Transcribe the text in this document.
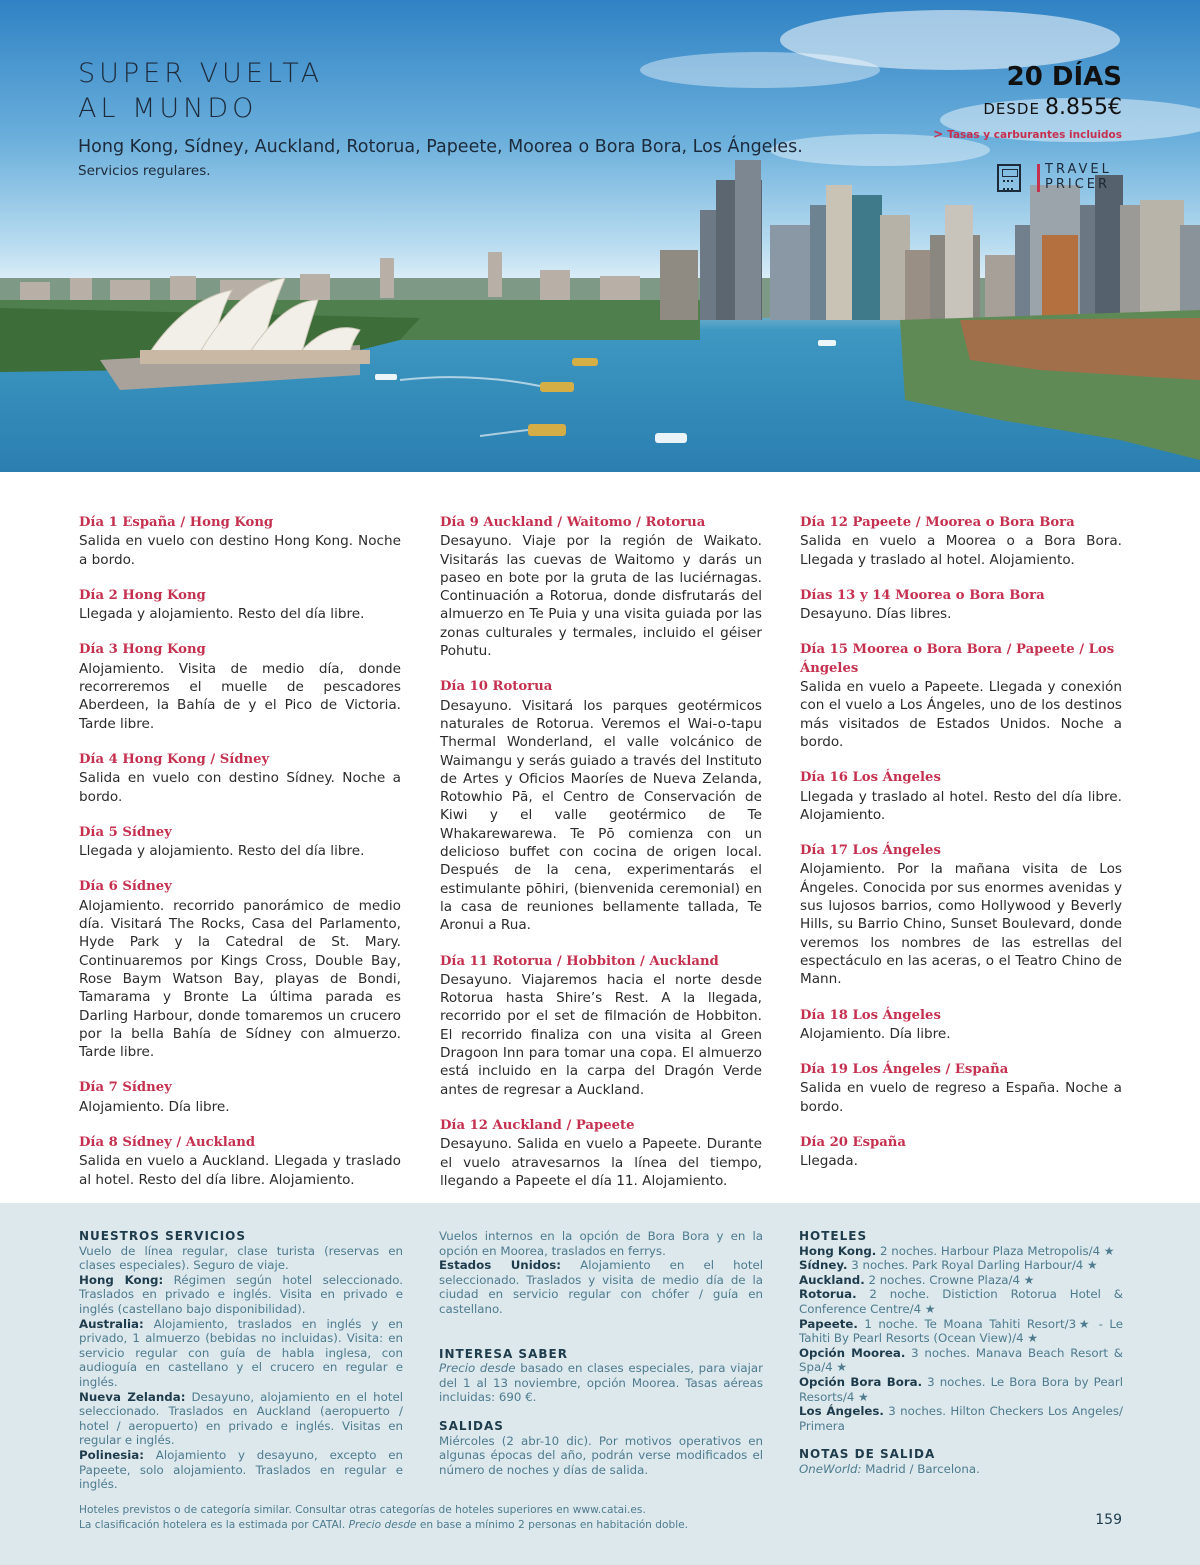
SUPER VUELTA
AL MUNDO

Hong Kong, Sídney, Auckland, Rotorua, Papeete, Moorea o Bora Bora, Los Ángeles.

Servicios regulares.

20 DÍAS
DESDE 8.855€
> Tasas y carburantes incluidos
TRAVEL
PRICER
Día 1 España / Hong Kong

Salida en vuelo con destino Hong Kong. Noche a bordo.

Día 2 Hong Kong

Llegada y alojamiento. Resto del día libre.

Día 3 Hong Kong

Alojamiento. Visita de medio día, donde recorreremos el muelle de pescadores Aberdeen, la Bahía de y el Pico de Victoria. Tarde libre.

Día 4 Hong Kong / Sídney

Salida en vuelo con destino Sídney. Noche a bordo.

Día 5 Sídney

Llegada y alojamiento. Resto del día libre.

Día 6 Sídney

Alojamiento. recorrido panorámico de medio día. Visitará The Rocks, Casa del Parlamento, Hyde Park y la Catedral de St. Mary. Continuaremos por Kings Cross, Double Bay, Rose Baym Watson Bay, playas de Bondi, Tamarama y Bronte La última parada es Darling Harbour, donde tomaremos un crucero por la bella Bahía de Sídney con almuerzo. Tarde libre.

Día 7 Sídney

Alojamiento. Día libre.

Día 8 Sídney / Auckland

Salida en vuelo a Auckland. Llegada y traslado al hotel. Resto del día libre. Alojamiento.

Día 9 Auckland / Waitomo / Rotorua

Desayuno. Viaje por la región de Waikato. Visitarás las cuevas de Waitomo y darás un paseo en bote por la gruta de las luciérnagas. Continuación a Rotorua, donde disfrutarás del almuerzo en Te Puia y una visita guiada por las zonas culturales y termales, incluido el géiser Pohutu.

Día 10 Rotorua

Desayuno. Visitará los parques geotérmicos naturales de Rotorua. Veremos el Wai-o-tapu Thermal Wonderland, el valle volcánico de Waimangu y serás guiado a través del Instituto de Artes y Oficios Maoríes de Nueva Zelanda, Rotowhio Pā, el Centro de Conservación de Kiwi y el valle geotérmico de Te Whakarewarewa. Te Pō comienza con un delicioso buffet con cocina de origen local. Después de la cena, experimentarás el estimulante pōhiri, (bienvenida ceremonial) en la casa de reuniones bellamente tallada, Te Aronui a Rua.

Día 11 Rotorua / Hobbiton / Auckland

Desayuno. Viajaremos hacia el norte desde Rotorua hasta Shire’s Rest. A la llegada, recorrido por el set de filmación de Hobbiton. El recorrido finaliza con una visita al Green Dragoon Inn para tomar una copa. El almuerzo está incluido en la carpa del Dragón Verde antes de regresar a Auckland.

Día 12 Auckland / Papeete

Desayuno. Salida en vuelo a Papeete. Durante el vuelo atravesarnos la línea del tiempo, llegando a Papeete el día 11. Alojamiento.

Día 12 Papeete / Moorea o Bora Bora

Salida en vuelo a Moorea o a Bora Bora. Llegada y traslado al hotel. Alojamiento.

Días 13 y 14 Moorea o Bora Bora

Desayuno. Días libres.

Día 15 Moorea o Bora Bora / Papeete / Los Ángeles

Salida en vuelo a Papeete. Llegada y conexión con el vuelo a Los Ángeles, uno de los destinos más visitados de Estados Unidos. Noche a bordo.

Día 16 Los Ángeles

Llegada y traslado al hotel. Resto del día libre. Alojamiento.

Día 17 Los Ángeles

Alojamiento. Por la mañana visita de Los Ángeles. Conocida por sus enormes avenidas y sus lujosos barrios, como Hollywood y Beverly Hills, su Barrio Chino, Sunset Boulevard, donde veremos los nombres de las estrellas del espectáculo en las aceras, o el Teatro Chino de Mann.

Día 18 Los Ángeles

Alojamiento. Día libre.

Día 19 Los Ángeles / España

Salida en vuelo de regreso a España. Noche a bordo.

Día 20 España

Llegada.

NUESTROS SERVICIOS

Vuelo de línea regular, clase turista (reservas en clases especiales). Seguro de viaje.

Hong Kong: Régimen según hotel seleccionado. Traslados en privado e inglés. Visita en privado e inglés (castellano bajo disponibilidad).

Australia: Alojamiento, traslados en inglés y en privado, 1 almuerzo (bebidas no incluidas). Visita: en servicio regular con guía de habla inglesa, con audioguía en castellano y el crucero en regular e inglés.

Nueva Zelanda: Desayuno, alojamiento en el hotel seleccionado. Traslados en Auckland (aeropuerto / hotel / aeropuerto) en privado e inglés. Visitas en regular e inglés.

Polinesia: Alojamiento y desayuno, excepto en Papeete, solo alojamiento. Traslados en regular e inglés.

Vuelos internos en la opción de Bora Bora y en la opción en Moorea, traslados en ferrys.

Estados Unidos: Alojamiento en el hotel seleccionado. Traslados y visita de medio día de la ciudad en servicio regular con chófer / guía en castellano.

INTERESA SABER

Precio desde basado en clases especiales, para viajar del 1 al 13 noviembre, opción Moorea. Tasas aéreas incluidas: 690 €.

SALIDAS

Miércoles (2 abr-10 dic). Por motivos operativos en algunas épocas del año, podrán verse modificados el número de noches y días de salida.

HOTELES

Hong Kong. 2 noches. Harbour Plaza Metropolis/4 ★

Sídney. 3 noches. Park Royal Darling Harbour/4 ★

Auckland. 2 noches. Crowne Plaza/4 ★

Rotorua. 2 noche. Distiction Rotorua Hotel & Conference Centre/4 ★

Papeete. 1 noche. Te Moana Tahiti Resort/3★ - Le Tahiti By Pearl Resorts (Ocean View)/4 ★

Opción Moorea. 3 noches. Manava Beach Resort & Spa/4 ★

Opción Bora Bora. 3 noches. Le Bora Bora by Pearl Resorts/4 ★

Los Ángeles. 3 noches. Hilton Checkers Los Angeles/ Primera

NOTAS DE SALIDA

OneWorld: Madrid / Barcelona.

Hoteles previstos o de categoría similar. Consultar otras categorías de hoteles superiores en www.catai.es.
La clasificación hotelera es la estimada por CATAI. Precio desde en base a mínimo 2 personas en habitación doble.	159
